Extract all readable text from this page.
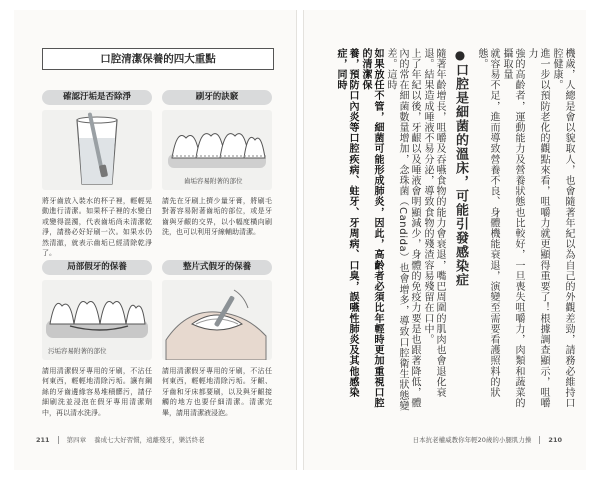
口腔清潔保養的四大重點
確認汙垢是否除淨
將牙齒放入裝水的杯子裡，輕輕晃動進行清潔。如果杯子裡的水變白或變得混濁，代表齒垢尚未清潔乾淨，請務必好好刷一次。如果水仍然清澈，就表示齒垢已經清除乾淨了。
刷牙的訣竅
齒垢容易附著的部位
請先在牙刷上擠少量牙膏，將刷毛對著容易附著齒垢的部位，或是牙齒與牙齦的交界，以小幅度橫向刷洗，也可以利用牙線輔助清潔。
局部假牙的保養
污垢容易附著的部位
請用清潔假牙專用的牙刷，不沾任何東西，輕輕地清除污垢。讓有鋼絲的牙齒邊緣容易堆積髒污，請仔細刷洗並浸泡在假牙專用清潔劑中，再以清水洗淨。
整片式假牙的保養
請用清潔假牙專用的牙刷，不沾任何東西，輕輕地清除污垢。牙齦、牙齒和牙床都要刷，以及與牙齦接觸的地方也要仔細清潔。清潔完畢，請用清潔液浸泡。
211	第四章 養成七大好習慣，遠離殘牙，樂活終老
機歲，人總是會以貌取人，也會隨著年紀以為自己的外觀差勁，請務必維持口腔健康。
進一步以預防老化的觀點來看，咀嚼力就更顯得重要了！根據調查顯示，咀嚼力
強的高齡者，運動能力及營養狀態也比較好，一旦喪失咀嚼力，肉類和蔬菜的攝取量
就容易不足，進而導致營養不良、身體機能衰退，演變至需要看護照料的狀態。
●口腔是細菌的溫床，可能引發感染症
隨著年齡增長，咀嚼及吞嚥食物的能力會衰退，嘴巴周圍的肌肉也會退化衰退。結果造成唾液不易分泌，導致食物的殘渣容易殘留在口中。
上了年紀以後，牙齦以及唾液會明顯減少，身體的免疫力要是也跟著降低，體內的常在細菌數量增加，念珠菌（Candida）也會增多，導致口腔衛生狀態變差。這時
如果放任不管，細菌可能形成肺炎，因此，高齡者必須比年輕時更加重視口腔的清潔保
養，預防口內炎等口腔疾病、蛀牙、牙周病、口臭，誤嚥性肺炎及其他感染症，同時
日本抗老權威教你年輕20歲的小腿肌力操	210
